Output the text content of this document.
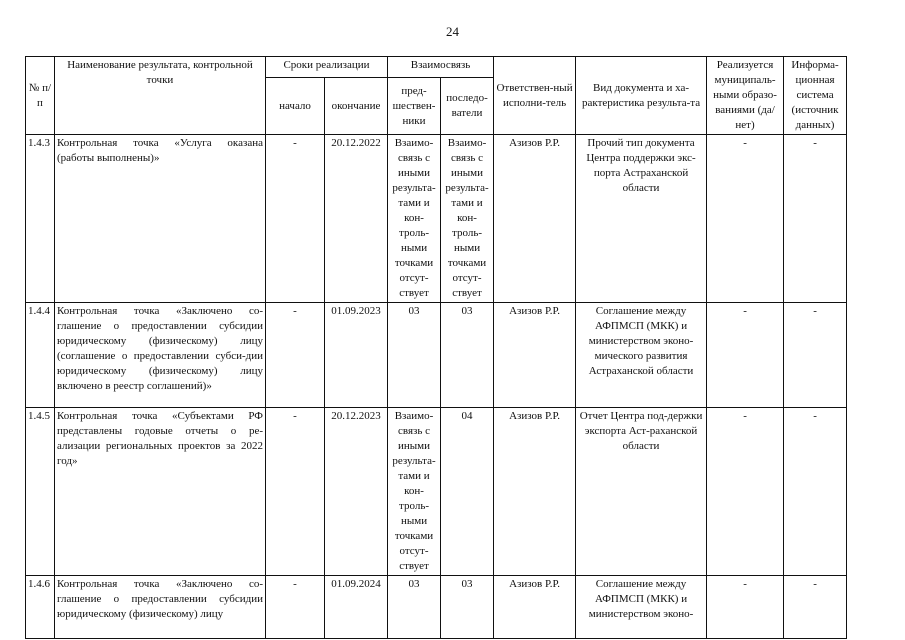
24
№ п/п	Наименование результата, контрольной точки	Сроки реализации		Взаимосвязь		Ответствен-ный исполни-тель	Вид документа и ха-рактеристика результа-та	Реализуется муниципаль-ными образо-ваниями (да/нет)	Информа-ционная система (источник данных)
		начало	окончание	пред-шествен-ники	последо-ватели				
1.4.3	Контрольная точка «Услуга оказана (работы выполнены)»	-	20.12.2022	Взаимо-связь с иными результа-тами и кон-троль-ными точками отсут-ствует	Взаимо-связь с иными результа-тами и кон-троль-ными точками отсут-ствует	Азизов Р.Р.	Прочий тип документа Центра поддержки экс-порта Астраханской области	-	-
1.4.4	Контрольная точка «Заключено со-глашение о предоставлении субсидии юридическому (физическому) лицу (соглашение о предоставлении субси-дии юридическому (физическому) лицу включено в реестр соглашений)»	-	01.09.2023	03	03	Азизов Р.Р.	Соглашение между АФПМСП (МКК) и министерством эконо-мического развития Астраханской области	-	-
1.4.5	Контрольная точка «Субъектами РФ представлены годовые отчеты о ре-ализации региональных проектов за 2022 год»	-	20.12.2023	Взаимо-связь с иными результа-тами и кон-троль-ными точками отсут-ствует	04	Азизов Р.Р.	Отчет Центра под-держки экспорта Аст-раханской области	-	-
1.4.6	Контрольная точка «Заключено со-глашение о предоставлении субсидии юридическому (физическому) лицу	-	01.09.2024	03	03	Азизов Р.Р.	Соглашение между АФПМСП (МКК) и министерством эконо-	-	-
